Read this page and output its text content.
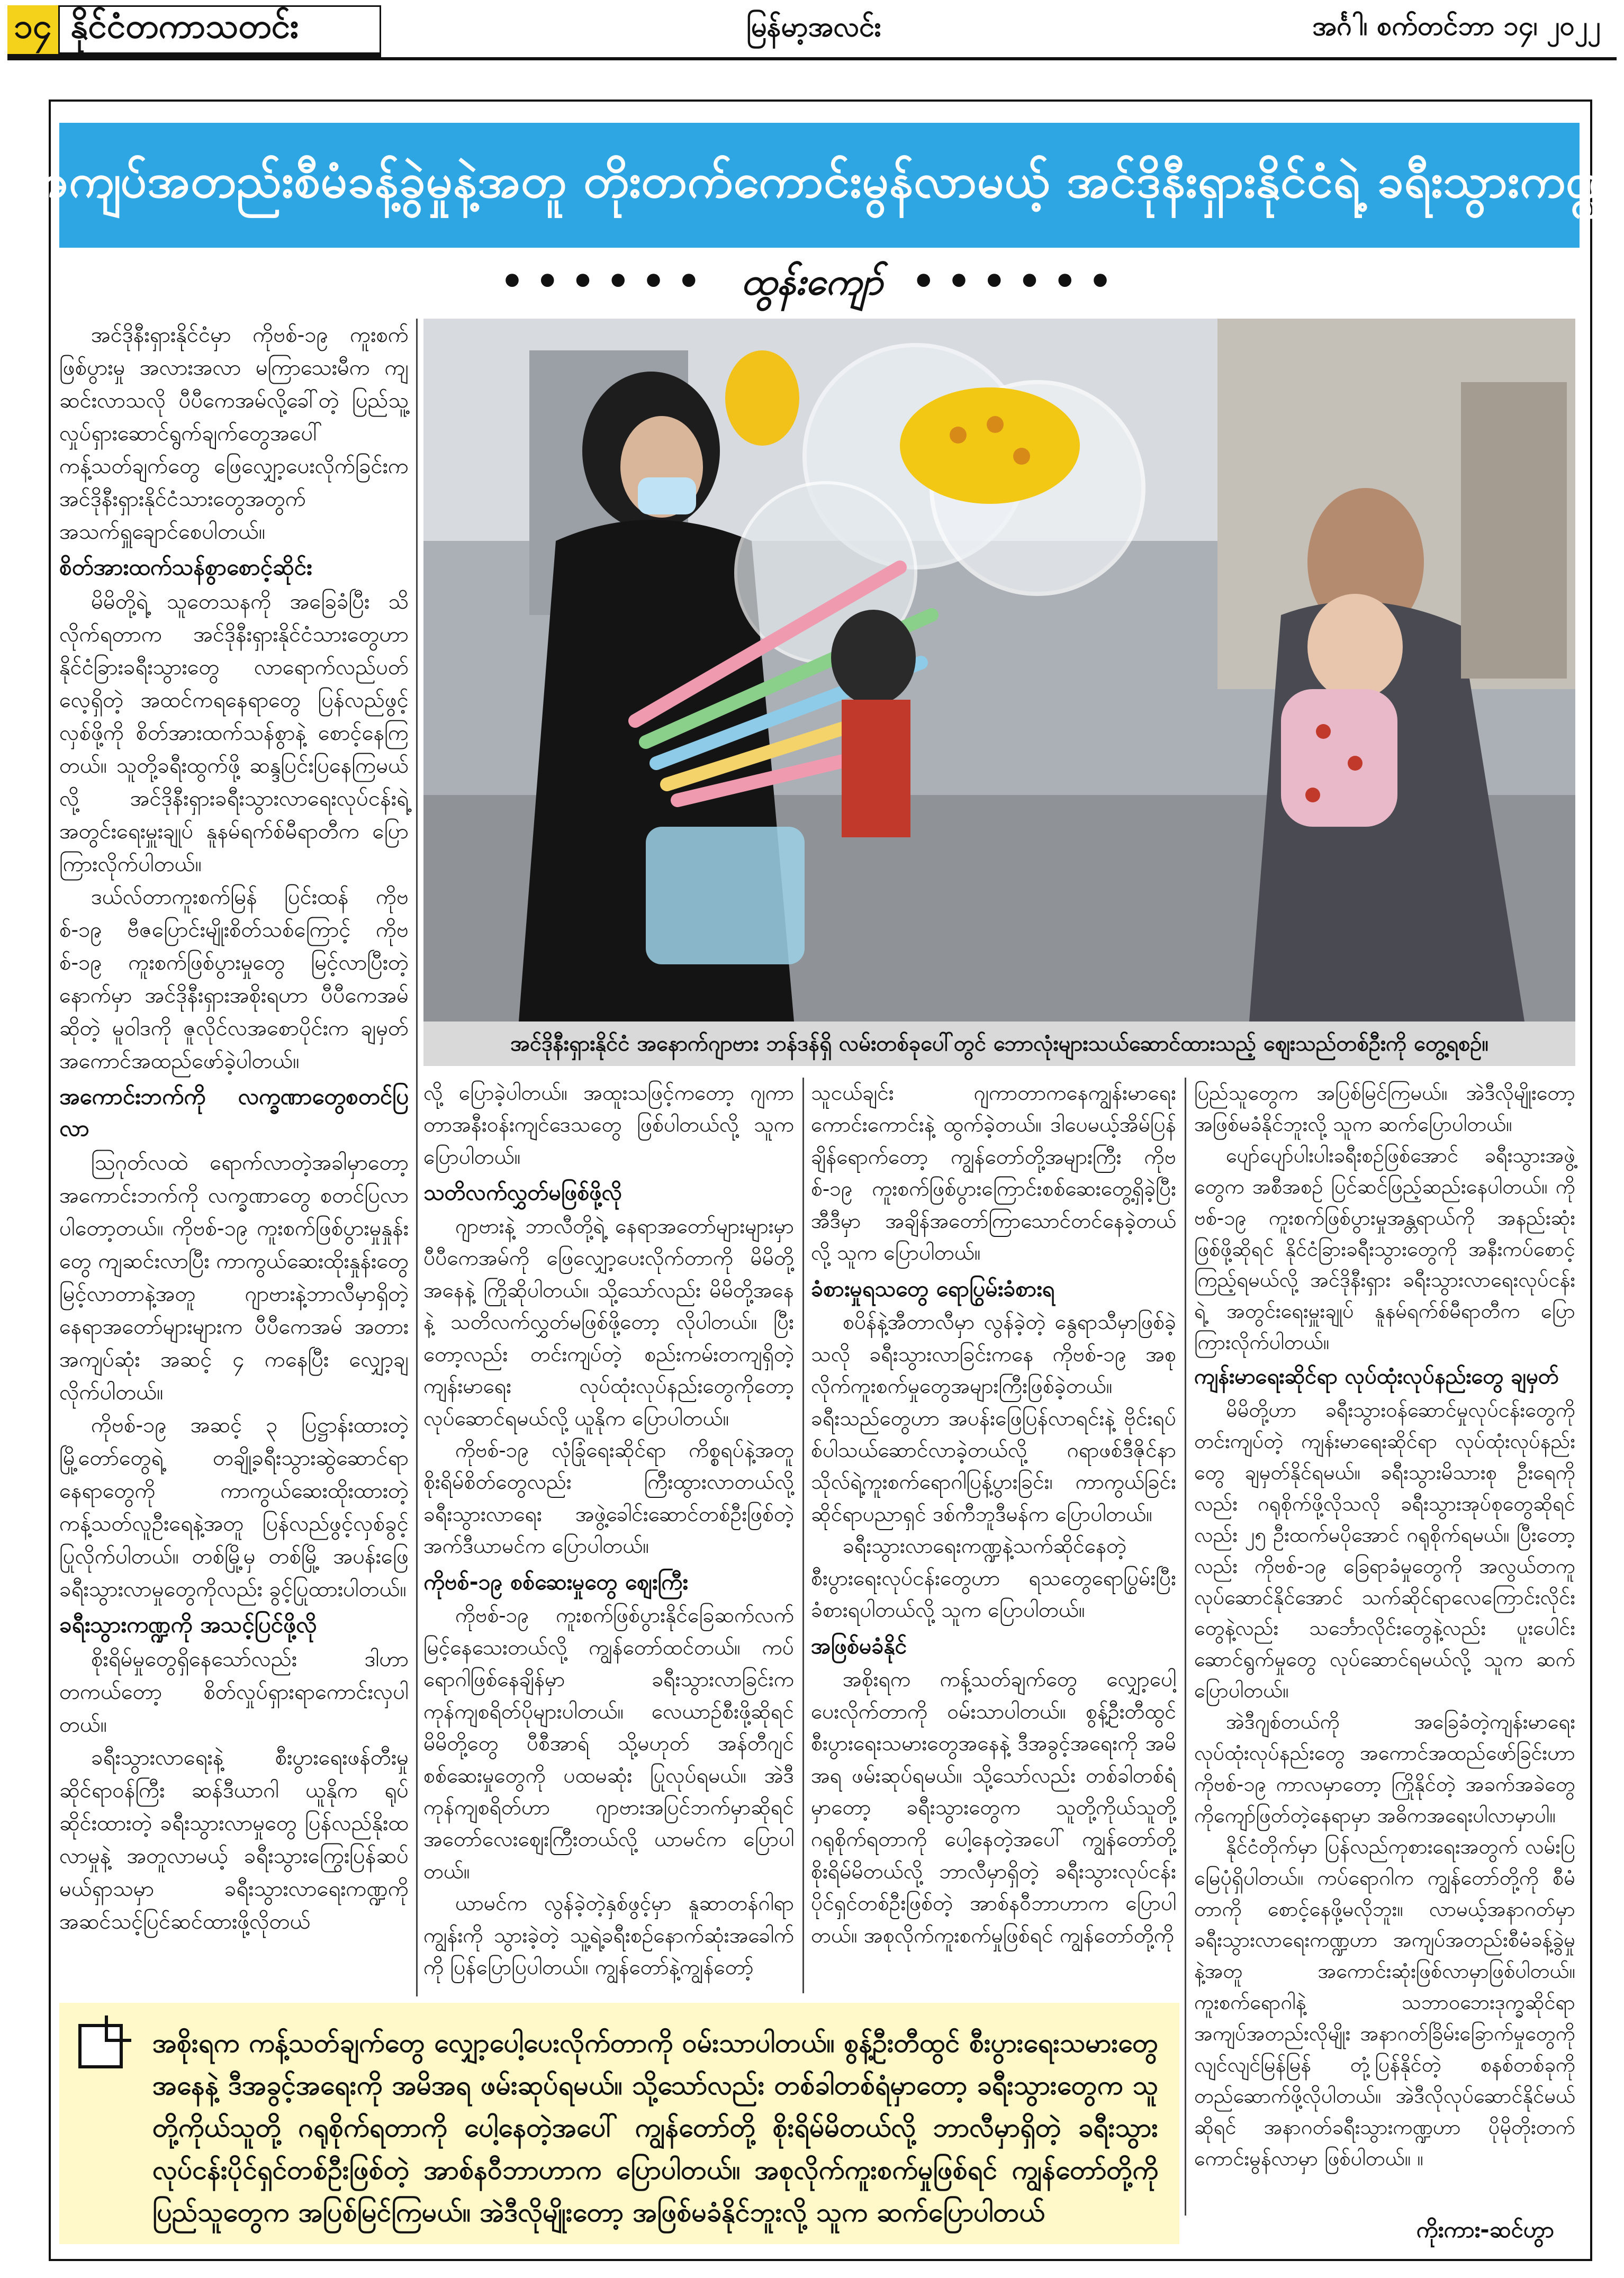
၁၄ နိုင်ငံတကာသတင်း	မြန်မာ့အလင်း	အင်္ဂါ၊ စက်တင်ဘာ ၁၄၊ ၂၀၂၂
အကျပ်အတည်းစီမံခန့်ခွဲမှုနဲ့အတူ တိုးတက်ကောင်းမွန်လာမယ့် အင်ဒိုနီးရှားနိုင်ငံရဲ့ ခရီးသွားကဏ္ဍ
•••••• ထွန်းကျော် ••••••

အင်ဒိုနီးရှားနိုင်ငံမှာ ကိုဗစ်-၁၉ ကူးစက်ဖြစ်ပွားမှု အလားအလာ မကြာသေးမီက ကျဆင်းလာသလို ပီပီကေအမ်လို့ခေါ်တဲ့ ပြည်သူ့လှုပ်ရှားဆောင်ရွက်ချက်တွေအပေါ် ကန့်သတ်ချက်တွေ ဖြေလျှော့ပေးလိုက်ခြင်းက အင်ဒိုနီးရှားနိုင်ငံသားတွေအတွက် အသက်ရှူချောင်စေပါတယ်။

စိတ်အားထက်သန်စွာစောင့်ဆိုင်း

မိမိတို့ရဲ့ သူတေသနကို အခြေခံပြီး သိလိုက်ရတာက အင်ဒိုနီးရှားနိုင်ငံသားတွေဟာ နိုင်ငံခြားခရီးသွားတွေ လာရောက်လည်ပတ်လေ့ရှိတဲ့ အထင်ကရနေရာတွေ ပြန်လည်ဖွင့်လှစ်ဖို့ကို စိတ်အားထက်သန်စွာနဲ့ စောင့်နေကြတယ်။ သူတို့ခရီးထွက်ဖို့ ဆန္ဒပြင်းပြနေကြမယ်လို့ အင်ဒိုနီးရှားခရီးသွားလာရေးလုပ်ငန်းရဲ့ အတွင်းရေးမှူးချုပ် နူနမ်ရက်စ်မီရာတီက ပြောကြားလိုက်ပါတယ်။

ဒယ်လ်တာကူးစက်မြန် ပြင်းထန် ကိုဗစ်-၁၉ ဗီဇပြောင်းမျိုးစိတ်သစ်ကြောင့် ကိုဗစ်-၁၉ ကူးစက်ဖြစ်ပွားမှုတွေ မြင့်လာပြီးတဲ့နောက်မှာ အင်ဒိုနီးရှားအစိုးရဟာ ပီပီကေအမ်ဆိုတဲ့ မူဝါဒကို ဇူလိုင်လအစောပိုင်းက ချမှတ်အကောင်အထည်ဖော်ခဲ့ပါတယ်။

အကောင်းဘက်ကို လက္ခဏာတွေစတင်ပြလာ

ဩဂုတ်လထဲ ရောက်လာတဲ့အခါမှာတော့ အကောင်းဘက်ကို လက္ခဏာတွေ စတင်ပြလာပါတော့တယ်။ ကိုဗစ်-၁၉ ကူးစက်ဖြစ်ပွားမှုနှုန်းတွေ ကျဆင်းလာပြီး ကာကွယ်ဆေးထိုးနှုန်းတွေ မြင့်လာတာနဲ့အတူ ဂျာဗားနဲ့ဘာလီမှာရှိတဲ့ နေရာအတော်များများက ပီပီကေအမ် အတားအကျပ်ဆုံး အဆင့် ၄ ကနေပြီး လျှော့ချလိုက်ပါတယ်။

ကိုဗစ်-၁၉ အဆင့် ၃ ပြဋ္ဌာန်းထားတဲ့ မြို့တော်တွေရဲ့ တချို့ခရီးသွားဆွဲဆောင်ရာနေရာတွေကို ကာကွယ်ဆေးထိုးထားတဲ့ ကန့်သတ်လူဦးရေနဲ့အတူ ပြန်လည်ဖွင့်လှစ်ခွင့်ပြုလိုက်ပါတယ်။ တစ်မြို့မှ တစ်မြို့ အပန်းဖြေခရီးသွားလာမှုတွေကိုလည်း ခွင့်ပြုထားပါတယ်။

ခရီးသွားကဏ္ဍကို အသင့်ပြင်ဖို့လို

စိုးရိမ်မှုတွေရှိနေသော်လည်း ဒါဟာ တကယ်တော့ စိတ်လှုပ်ရှားရာကောင်းလှပါတယ်။

ခရီးသွားလာရေးနဲ့ စီးပွားရေးဖန်တီးမှုဆိုင်ရာဝန်ကြီး ဆန်ဒီယာဂါ ယူနိုက ရုပ်ဆိုင်းထားတဲ့ ခရီးသွားလာမှုတွေ ပြန်လည်နိုးထလာမှုနဲ့ အတူလာမယ့် ခရီးသွားကြွေးပြန်ဆပ်မယ်ရှာသမှာ ခရီးသွားလာရေးကဏ္ဍကို အဆင်သင့်ပြင်ဆင်ထားဖို့လိုတယ်

အင်ဒိုနီးရှားနိုင်ငံ အနောက်ဂျာဗား ဘန်ဒန်ရှိ လမ်းတစ်ခုပေါ်တွင် ဘောလုံးများသယ်ဆောင်ထားသည့် ဈေးသည်တစ်ဦးကို တွေ့ရစဉ်။

လို့ ပြောခဲ့ပါတယ်။ အထူးသဖြင့်ကတော့ ဂျကာတာအနီးဝန်းကျင်ဒေသတွေ ဖြစ်ပါတယ်လို့ သူက ပြောပါတယ်။

သတိလက်လွှတ်မဖြစ်ဖို့လို

ဂျာဗားနဲ့ ဘာလီတို့ရဲ့ နေရာအတော်များများမှာ ပီပီကေအမ်ကို ဖြေလျှော့ပေးလိုက်တာကို မိမိတို့အနေနဲ့ ကြိုဆိုပါတယ်။ သို့သော်လည်း မိမိတို့အနေနဲ့ သတိလက်လွှတ်မဖြစ်ဖို့တော့ လိုပါတယ်။ ပြီးတော့လည်း တင်းကျပ်တဲ့ စည်းကမ်းတကျရှိတဲ့ ကျန်းမာရေး လုပ်ထုံးလုပ်နည်းတွေကိုတော့ လုပ်ဆောင်ရမယ်လို့ ယူနိုက ပြောပါတယ်။

ကိုဗစ်-၁၉ လုံခြုံရေးဆိုင်ရာ ကိစ္စရပ်နဲ့အတူ စိုးရိမ်စိတ်တွေလည်း ကြီးထွားလာတယ်လို့ ခရီးသွားလာရေး အဖွဲ့ခေါင်းဆောင်တစ်ဦးဖြစ်တဲ့ အက်ဒီယာမင်က ပြောပါတယ်။

ကိုဗစ်-၁၉ စစ်ဆေးမှုတွေ ဈေးကြီး

ကိုဗစ်-၁၉ ကူးစက်ဖြစ်ပွားနိုင်ခြေဆက်လက်မြင့်နေသေးတယ်လို့ ကျွန်တော်ထင်တယ်။ ကပ်ရောဂါဖြစ်နေချိန်မှာ ခရီးသွားလာခြင်းက ကုန်ကျစရိတ်ပိုများပါတယ်။ လေယာဉ်စီးဖို့ဆိုရင် မိမိတို့တွေ ပီစီအာရ် သို့မဟုတ် အန်တီဂျင် စစ်ဆေးမှုတွေကို ပထမဆုံး ပြုလုပ်ရမယ်။ အဲဒီကုန်ကျစရိတ်ဟာ ဂျာဗားအပြင်ဘက်မှာဆိုရင် အတော်လေးဈေးကြီးတယ်လို့ ယာမင်က ပြောပါတယ်။

ယာမင်က လွန်ခဲ့တဲ့နှစ်ဖွင့်မှာ နူဆာတန်ဂါရာကျွန်းကို သွားခဲ့တဲ့ သူ့ရဲ့ခရီးစဉ်နောက်ဆုံးအခေါက်ကို ပြန်ပြောပြပါတယ်။ ကျွန်တော်နဲ့ကျွန်တော့်

သူငယ်ချင်း ဂျကာတာကနေကျွန်းမာရေးကောင်းကောင်းနဲ့ ထွက်ခဲ့တယ်။ ဒါပေမယ့်အိမ်ပြန်ချိန်ရောက်တော့ ကျွန်တော်တို့အများကြီး ကိုဗစ်-၁၉ ကူးစက်ဖြစ်ပွားကြောင်းစစ်ဆေးတွေ့ရှိခဲ့ပြီး အီဒီမှာ အချိန်အတော်ကြာသောင်တင်နေခဲ့တယ်လို့ သူက ပြောပါတယ်။

ခံစားမှုရသတွေ ရောပြွမ်းခံစားရ

စပိန်နဲ့အီတာလီမှာ လွန်ခဲ့တဲ့ နွေရာသီမှာဖြစ်ခဲ့သလို ခရီးသွားလာခြင်းကနေ ကိုဗစ်-၁၉ အစုလိုက်ကူးစက်မှုတွေအများကြီးဖြစ်ခဲ့တယ်။ ခရီးသည်တွေဟာ အပန်းဖြေပြန်လာရင်းနဲ့ ဗိုင်းရပ်စ်ပါသယ်ဆောင်လာခဲ့တယ်လို့ ဂရာဖစ်ဒီဇိုင်နာသိုလ်ရဲ့ကူးစက်ရောဂါပြန့်ပွားခြင်း၊ ကာကွယ်ခြင်းဆိုင်ရာပညာရှင် ဒစ်ကီဘူဒီမန်က ပြောပါတယ်။

ခရီးသွားလာရေးကဏ္ဍနဲ့သက်ဆိုင်နေတဲ့ စီးပွားရေးလုပ်ငန်းတွေဟာ ရသတွေရောပြွမ်းပြီးခံစားရပါတယ်လို့ သူက ပြောပါတယ်။

အဖြစ်မခံနိုင်

အစိုးရက ကန့်သတ်ချက်တွေ လျှော့ပေါ့ပေးလိုက်တာကို ဝမ်းသာပါတယ်။ စွန့်ဦးတီထွင်စီးပွားရေးသမားတွေအနေနဲ့ ဒီအခွင့်အရေးကို အမိအရ ဖမ်းဆုပ်ရမယ်။ သို့သော်လည်း တစ်ခါတစ်ရံမှာတော့ ခရီးသွားတွေက သူတို့ကိုယ်သူတို့ ဂရုစိုက်ရတာကို ပေါ့နေတဲ့အပေါ် ကျွန်တော်တို့ စိုးရိမ်မိတယ်လို့ ဘာလီမှာရှိတဲ့ ခရီးသွားလုပ်ငန်းပိုင်ရှင်တစ်ဦးဖြစ်တဲ့ အာစ်နဝီဘာဟာက ပြောပါတယ်။ အစုလိုက်ကူးစက်မှုဖြစ်ရင် ကျွန်တော်တို့ကို

ပြည်သူတွေက အပြစ်မြင်ကြမယ်။ အဲဒီလိုမျိုးတော့ အဖြစ်မခံနိုင်ဘူးလို့ သူက ဆက်ပြောပါတယ်။

ပျော်ပျော်ပါးပါးခရီးစဉ်ဖြစ်အောင် ခရီးသွားအဖွဲ့တွေက အစီအစဉ် ပြင်ဆင်ဖြည့်ဆည်းနေပါတယ်။ ကိုဗစ်-၁၉ ကူးစက်ဖြစ်ပွားမှုအန္တရာယ်ကို အနည်းဆုံး ဖြစ်ဖို့ဆိုရင် နိုင်ငံခြားခရီးသွားတွေကို အနီးကပ်စောင့်ကြည့်ရမယ်လို့ အင်ဒိုနီးရှား ခရီးသွားလာရေးလုပ်ငန်းရဲ့ အတွင်းရေးမှူးချုပ် နူနမ်ရက်စ်မီရာတီက ပြောကြားလိုက်ပါတယ်။

ကျန်းမာရေးဆိုင်ရာ လုပ်ထုံးလုပ်နည်းတွေ ချမှတ်

မိမိတို့ဟာ ခရီးသွားဝန်ဆောင်မှုလုပ်ငန်းတွေကို တင်းကျပ်တဲ့ ကျန်းမာရေးဆိုင်ရာ လုပ်ထုံးလုပ်နည်းတွေ ချမှတ်နိုင်ရမယ်။ ခရီးသွားမိသားစု ဦးရေကိုလည်း ဂရုစိုက်ဖို့လိုသလို ခရီးသွားအုပ်စုတွေဆိုရင်လည်း ၂၅ ဦးထက်မပိုအောင် ဂရုစိုက်ရမယ်။ ပြီးတော့လည်း ကိုဗစ်-၁၉ ခြေရာခံမှုတွေကို အလွယ်တကူလုပ်ဆောင်နိုင်အောင် သက်ဆိုင်ရာလေကြောင်းလိုင်းတွေနဲ့လည်း သင်္ဘောလိုင်းတွေနဲ့လည်း ပူးပေါင်းဆောင်ရွက်မှုတွေ လုပ်ဆောင်ရမယ်လို့ သူက ဆက်ပြောပါတယ်။

အဲဒီဂျစ်တယ်ကို အခြေခံတဲ့ကျန်းမာရေးလုပ်ထုံးလုပ်နည်းတွေ အကောင်အထည်ဖော်ခြင်းဟာ ကိုဗစ်-၁၉ ကာလမှာတော့ ကြိုနိုင်တဲ့ အခက်အခဲတွေကိုကျော်ဖြတ်တဲ့နေရာမှာ အဓိကအရေးပါလာမှာပါ။

နိုင်ငံတိုက်မှာ ပြန်လည်ကုစားရေးအတွက် လမ်းပြမြေပုံရှိပါတယ်။ ကပ်ရောဂါက ကျွန်တော်တို့ကို စီမံတာကို စောင့်နေဖို့မလိုဘူး။ လာမယ့်အနာဂတ်မှာ ခရီးသွားလာရေးကဏ္ဍဟာ အကျပ်အတည်းစီမံခန့်ခွဲမှုနဲ့အတူ အကောင်းဆုံးဖြစ်လာမှာဖြစ်ပါတယ်။ ကူးစက်ရောဂါနဲ့ သဘာဝဘေးဒုက္ခဆိုင်ရာ အကျပ်အတည်းလိုမျိုး အနာဂတ်ခြိမ်းခြောက်မှုတွေကို လျင်လျင်မြန်မြန် တုံ့ပြန်နိုင်တဲ့ စနစ်တစ်ခုကို တည်ဆောက်ဖို့လိုပါတယ်။ အဲဒီလိုလုပ်ဆောင်နိုင်မယ်ဆိုရင် အနာဂတ်ခရီးသွားကဏ္ဍဟာ ပိုမိုတိုးတက်ကောင်းမွန်လာမှာ ဖြစ်ပါတယ်။ ။

ကိုးကား-ဆင်ဟွာ
အစိုးရက ကန့်သတ်ချက်တွေ လျှော့ပေါ့ပေးလိုက်တာကို ဝမ်းသာပါတယ်။ စွန့်ဦးတီထွင် စီးပွားရေးသမားတွေအနေနဲ့ ဒီအခွင့်အရေးကို အမိအရ ဖမ်းဆုပ်ရမယ်။ သို့သော်လည်း တစ်ခါတစ်ရံမှာတော့ ခရီးသွားတွေက သူတို့ကိုယ်သူတို့ ဂရုစိုက်ရတာကို ပေါ့နေတဲ့အပေါ် ကျွန်တော်တို့ စိုးရိမ်မိတယ်လို့ ဘာလီမှာရှိတဲ့ ခရီးသွားလုပ်ငန်းပိုင်ရှင်တစ်ဦးဖြစ်တဲ့ အာစ်နဝီဘာဟာက ပြောပါတယ်။ အစုလိုက်ကူးစက်မှုဖြစ်ရင် ကျွန်တော်တို့ကို ပြည်သူတွေက အပြစ်မြင်ကြမယ်။ အဲဒီလိုမျိုးတော့ အဖြစ်မခံနိုင်ဘူးလို့ သူက ဆက်ပြောပါတယ်
